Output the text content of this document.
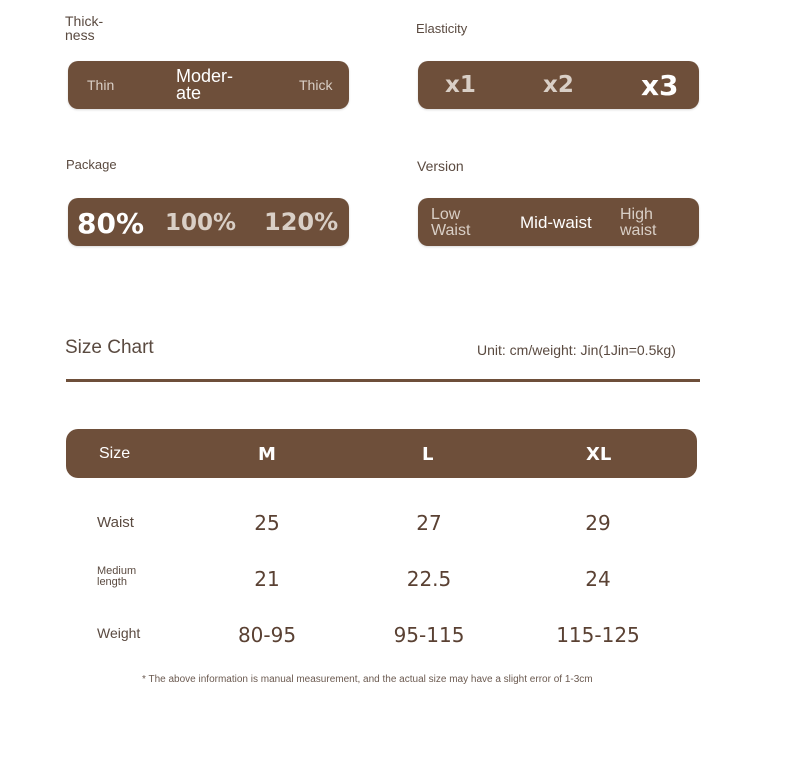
Thick-
ness
Thin	Moder-
ate	Thick
Elasticity
x1	x2 x3
Package
80% 100% 120%
Version
Low
Waist	Mid-waist High
waist
Size Chart	Unit: cm/weight: Jin(1Jin=0.5kg)
Size	M	L	XL
Waist	25	27	29
Medium
length	21	22.5	24
Weight	80-95	95-115	115-125
* The above information is manual measurement, and the actual size may have a slight error of 1-3cm
